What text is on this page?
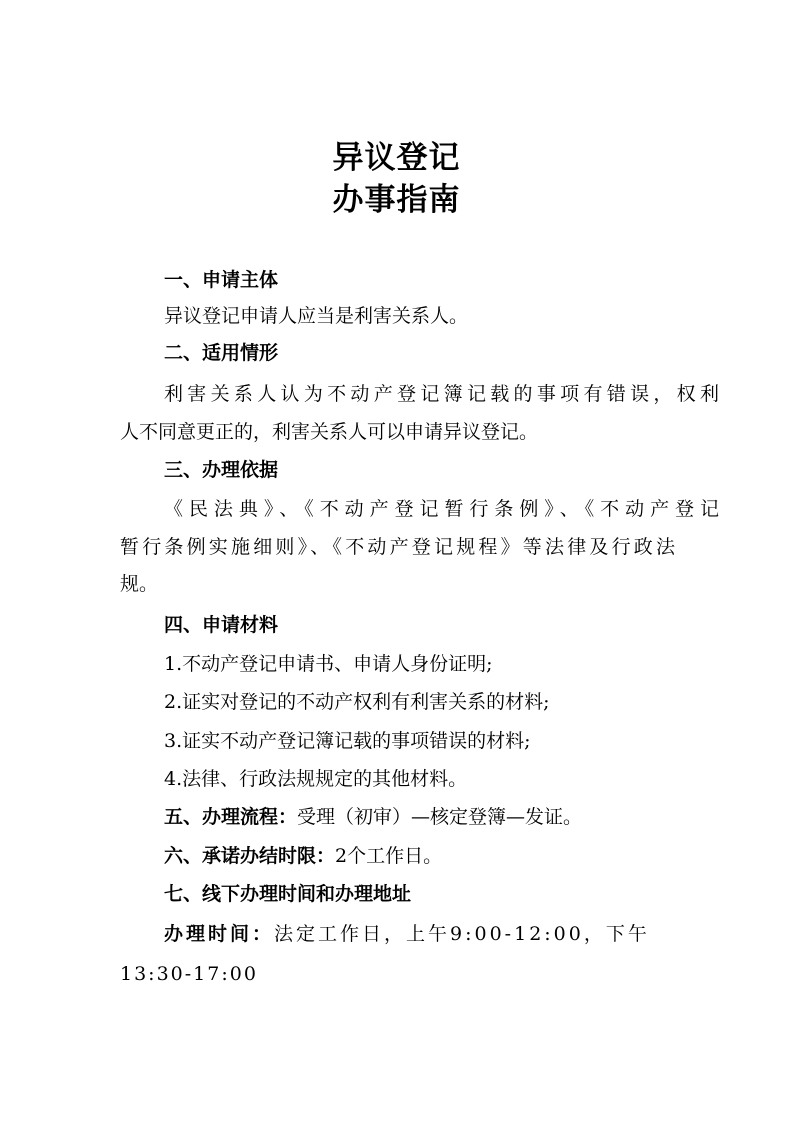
异议登记
办事指南
一、申请主体
异议登记申请人应当是利害关系人。
二、适用情形
利害关系人认为不动产登记簿记载的事项有错误，权利
人不同意更正的，利害关系人可以申请异议登记。
三、办理依据
《民法典》、《不动产登记暂行条例》、《不动产登记
暂行条例实施细则》、《不动产登记规程》等法律及行政法
规。
四、申请材料
1.不动产登记申请书、申请人身份证明;
2.证实对登记的不动产权利有利害关系的材料;
3.证实不动产登记簿记载的事项错误的材料;
4.法律、行政法规规定的其他材料。
五、办理流程：受理（初审）—核定登簿—发证。
六、承诺办结时限：2个工作日。
七、线下办理时间和办理地址
办理时间：法定工作日，上午9:00-12:00，下午
13:30-17:00
